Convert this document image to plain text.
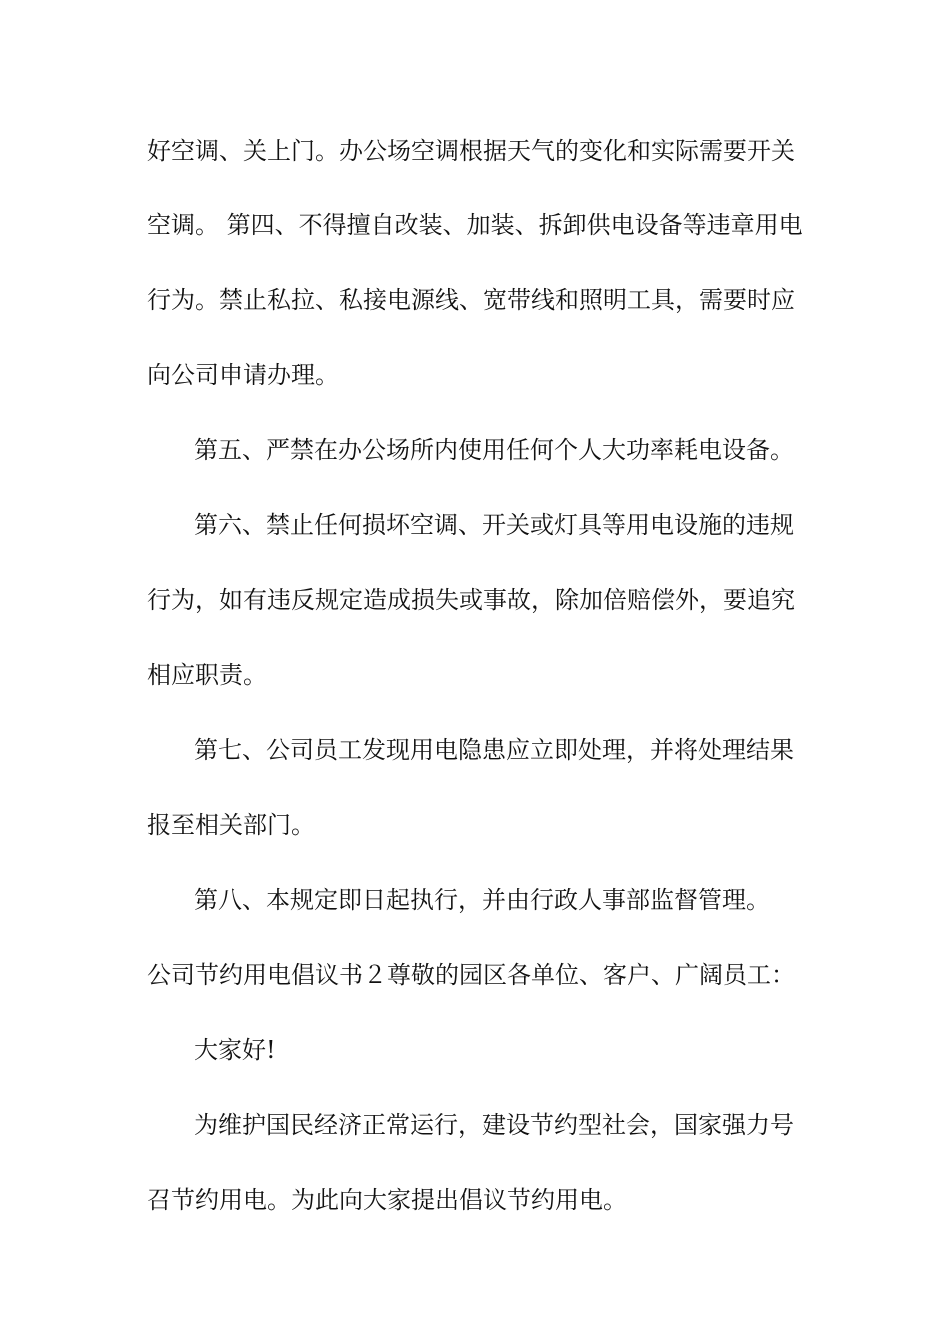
好空调、关上门。办公场空调根据天气的变化和实际需要开关
空调。 第四、不得擅自改装、加装、拆卸供电设备等违章用电
行为。禁止私拉、私接电源线、宽带线和照明工具，需要时应
向公司申请办理。
第五、严禁在办公场所内使用任何个人大功率耗电设备。
第六、禁止任何损坏空调、开关或灯具等用电设施的违规
行为，如有违反规定造成损失或事故，除加倍赔偿外，要追究
相应职责。
第七、公司员工发现用电隐患应立即处理，并将处理结果
报至相关部门。
第八、本规定即日起执行，并由行政人事部监督管理。
公司节约用电倡议书２尊敬的园区各单位、客户、广阔员工：
大家好!
为维护国民经济正常运行，建设节约型社会，国家强力号
召节约用电。为此向大家提出倡议节约用电。
